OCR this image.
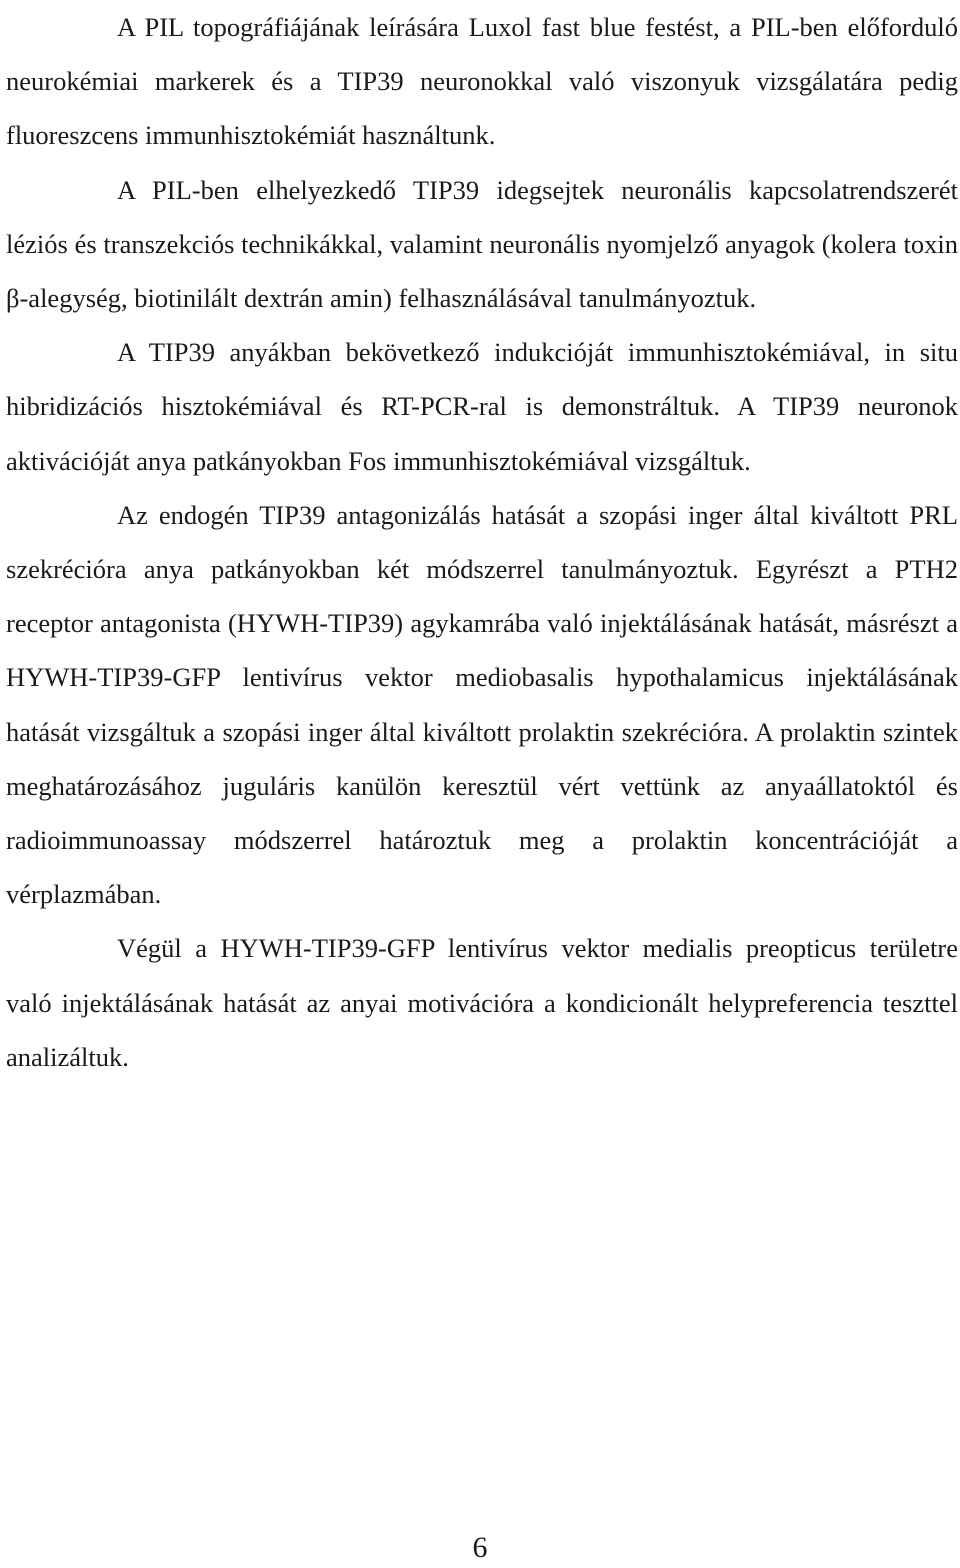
A PIL topográfiájának leírására Luxol fast blue festést, a PIL-ben előforduló neurokémiai markerek és a TIP39 neuronokkal való viszonyuk vizsgálatára pedig fluoreszcens immunhisztokémiát használtunk.

A PIL-ben elhelyezkedő TIP39 idegsejtek neuronális kapcsolatrendszerét léziós és transzekciós technikákkal, valamint neuronális nyomjelző anyagok (kolera toxin β-alegység, biotinilált dextrán amin) felhasználásával tanulmányoztuk.

A TIP39 anyákban bekövetkező indukcióját immunhisztokémiával, in situ hibridizációs hisztokémiával és RT-PCR-ral is demonstráltuk. A TIP39 neuronok aktivációját anya patkányokban Fos immunhisztokémiával vizsgáltuk.

Az endogén TIP39 antagonizálás hatását a szopási inger által kiváltott PRL szekrécióra anya patkányokban két módszerrel tanulmányoztuk. Egyrészt a PTH2 receptor antagonista (HYWH-TIP39) agykamrába való injektálásának hatását, másrészt a HYWH-TIP39-GFP lentivírus vektor mediobasalis hypothalamicus injektálásának hatását vizsgáltuk a szopási inger által kiváltott prolaktin szekrécióra. A prolaktin szintek meghatározásához juguláris kanülön keresztül vért vettünk az anyaállatoktól és radioimmunoassay módszerrel határoztuk meg a prolaktin koncentrációját a vérplazmában.

Végül a HYWH-TIP39-GFP lentivírus vektor medialis preopticus területre való injektálásának hatását az anyai motivációra a kondicionált helypreferencia teszttel analizáltuk.

6
